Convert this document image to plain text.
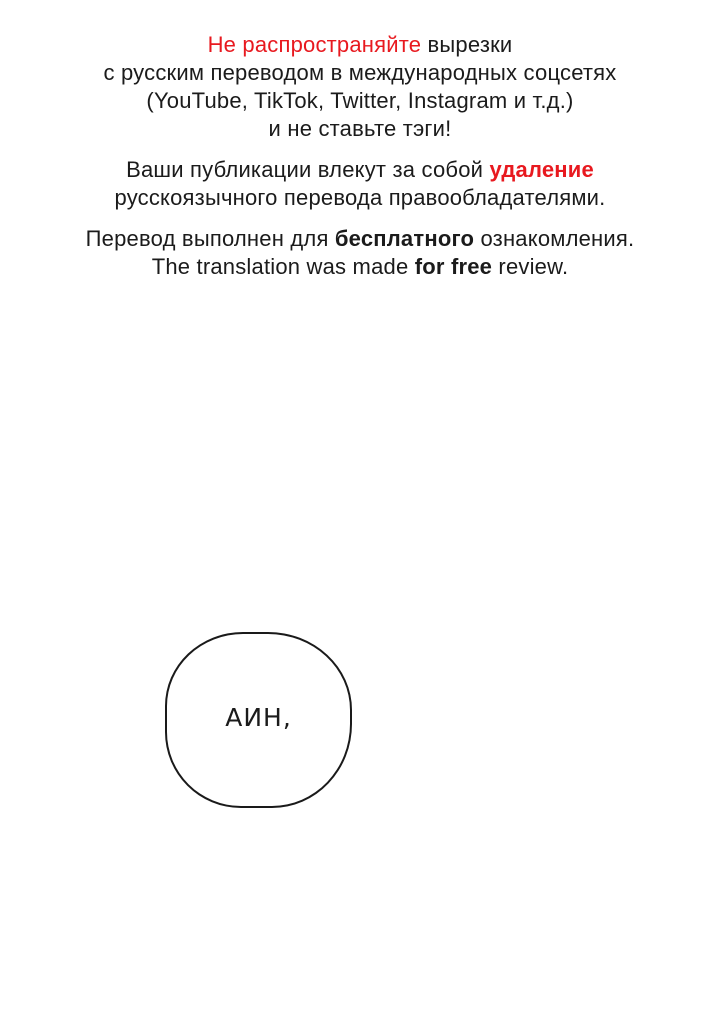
Не распространяйте вырезки
с русским переводом в международных соцсетях
(YouTube, TikTok, Twitter, Instagram и т.д.)
и не ставьте тэги!

Ваши публикации влекут за собой удаление
русскоязычного перевода правообладателями.

Перевод выполнен для бесплатного ознакомления.
The translation was made for free review.

АИН,
